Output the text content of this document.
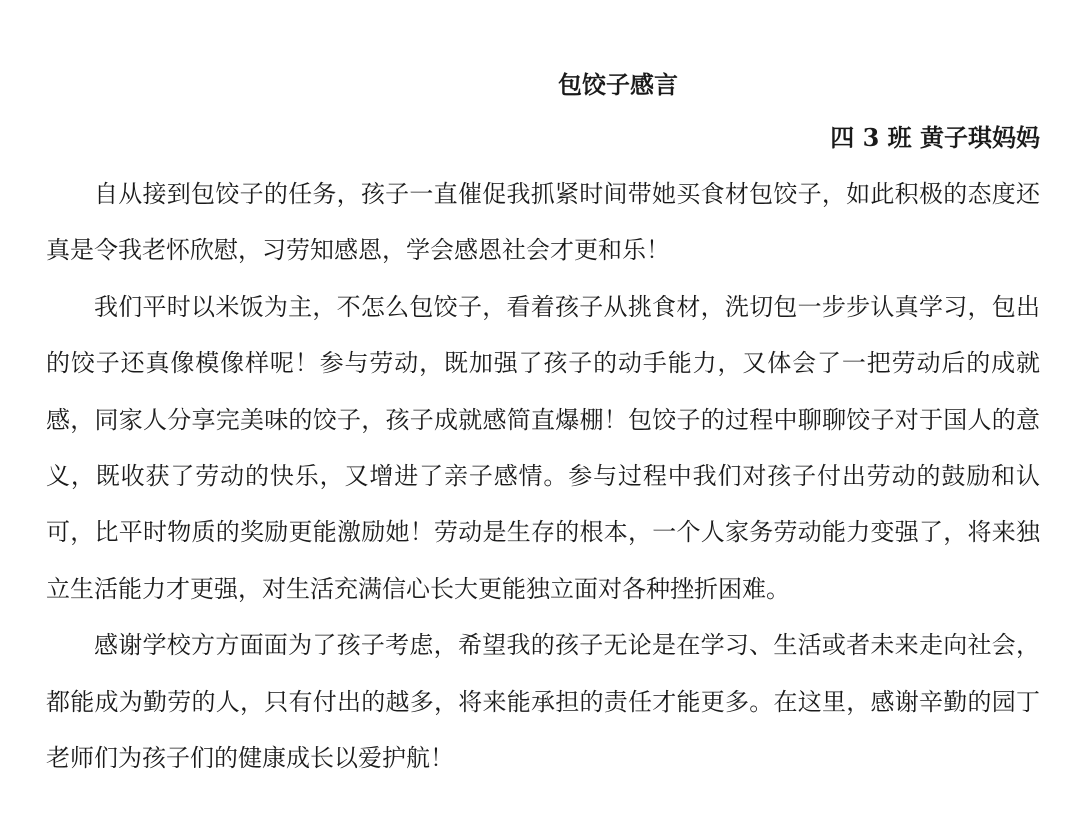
包饺子感言
四 3 班 黄子琪妈妈

自从接到包饺子的任务，孩子一直催促我抓紧时间带她买食材包饺子，如此积极的态度还真是令我老怀欣慰，习劳知感恩，学会感恩社会才更和乐！

我们平时以米饭为主，不怎么包饺子，看着孩子从挑食材，洗切包一步步认真学习，包出的饺子还真像模像样呢！参与劳动，既加强了孩子的动手能力，又体会了一把劳动后的成就感，同家人分享完美味的饺子，孩子成就感简直爆棚！包饺子的过程中聊聊饺子对于国人的意义，既收获了劳动的快乐，又增进了亲子感情。参与过程中我们对孩子付出劳动的鼓励和认可，比平时物质的奖励更能激励她！劳动是生存的根本，一个人家务劳动能力变强了，将来独立生活能力才更强，对生活充满信心长大更能独立面对各种挫折困难。

感谢学校方方面面为了孩子考虑，希望我的孩子无论是在学习、生活或者未来走向社会，都能成为勤劳的人，只有付出的越多，将来能承担的责任才能更多。在这里，感谢辛勤的园丁老师们为孩子们的健康成长以爱护航！
